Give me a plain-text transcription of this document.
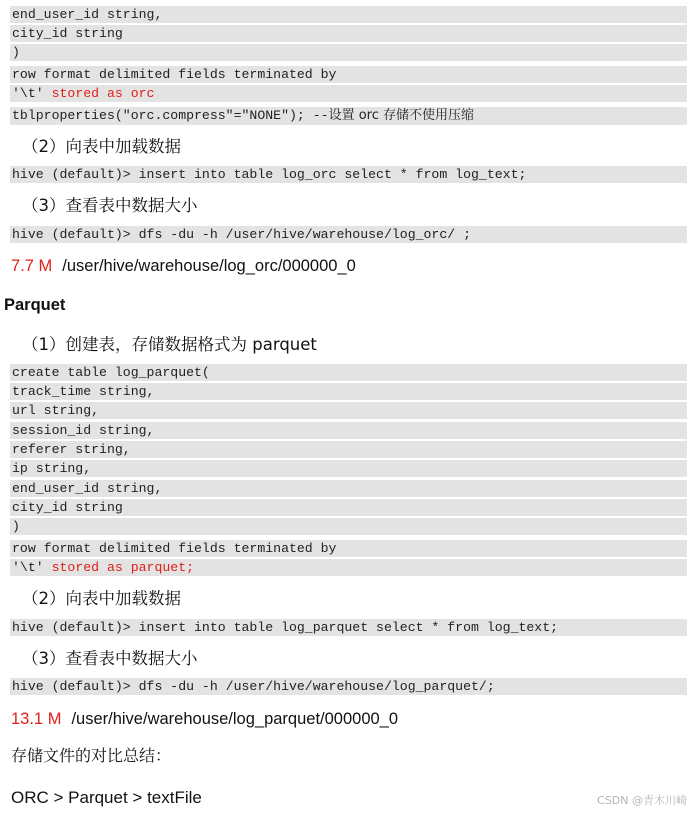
end_user_id string,
city_id string
)
row format delimited fields terminated by
'\t' stored as orc
tblproperties("orc.compress"="NONE"); --设置 orc 存储不使用压缩
（2）向表中加载数据
hive (default)> insert into table log_orc select * from log_text;
（3）查看表中数据大小
hive (default)> dfs -du -h /user/hive/warehouse/log_orc/ ;
7.7 M /user/hive/warehouse/log_orc/000000_0
Parquet
（1）创建表，存储数据格式为 parquet
create table log_parquet(
track_time string,
url string,
session_id string,
referer string,
ip string,
end_user_id string,
city_id string
)
row format delimited fields terminated by
'\t' stored as parquet;
（2）向表中加载数据
hive (default)> insert into table log_parquet select * from log_text;
（3）查看表中数据大小
hive (default)> dfs -du -h /user/hive/warehouse/log_parquet/;
13.1 M /user/hive/warehouse/log_parquet/000000_0
存储文件的对比总结：
ORC > Parquet > textFile	CSDN @青木川崎
